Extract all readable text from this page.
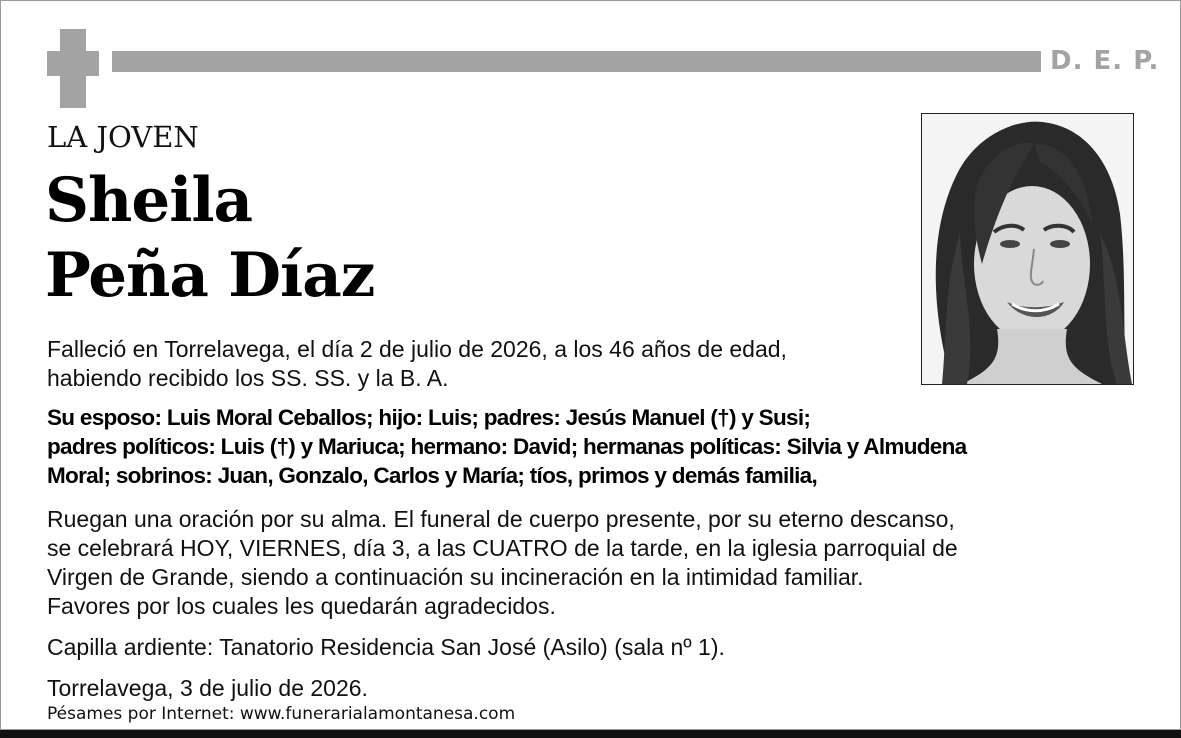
D. E. P.
LA JOVEN
Sheila
Peña Díaz
Falleció en Torrelavega, el día 2 de julio de 2026, a los 46 años de edad,
habiendo recibido los SS. SS. y la B. A.
Su esposo: Luis Moral Ceballos; hijo: Luis; padres: Jesús Manuel (†) y Susi;
padres políticos: Luis (†) y Mariuca; hermano: David; hermanas políticas: Silvia y Almudena
Moral; sobrinos: Juan, Gonzalo, Carlos y María; tíos, primos y demás familia,
Ruegan una oración por su alma. El funeral de cuerpo presente, por su eterno descanso,
se celebrará HOY, VIERNES, día 3, a las CUATRO de la tarde, en la iglesia parroquial de
Virgen de Grande, siendo a continuación su incineración en la intimidad familiar.
Favores por los cuales les quedarán agradecidos.
Capilla ardiente: Tanatorio Residencia San José (Asilo) (sala nº 1).
Torrelavega, 3 de julio de 2026.
Pésames por Internet: www.funerarialamontanesa.com
